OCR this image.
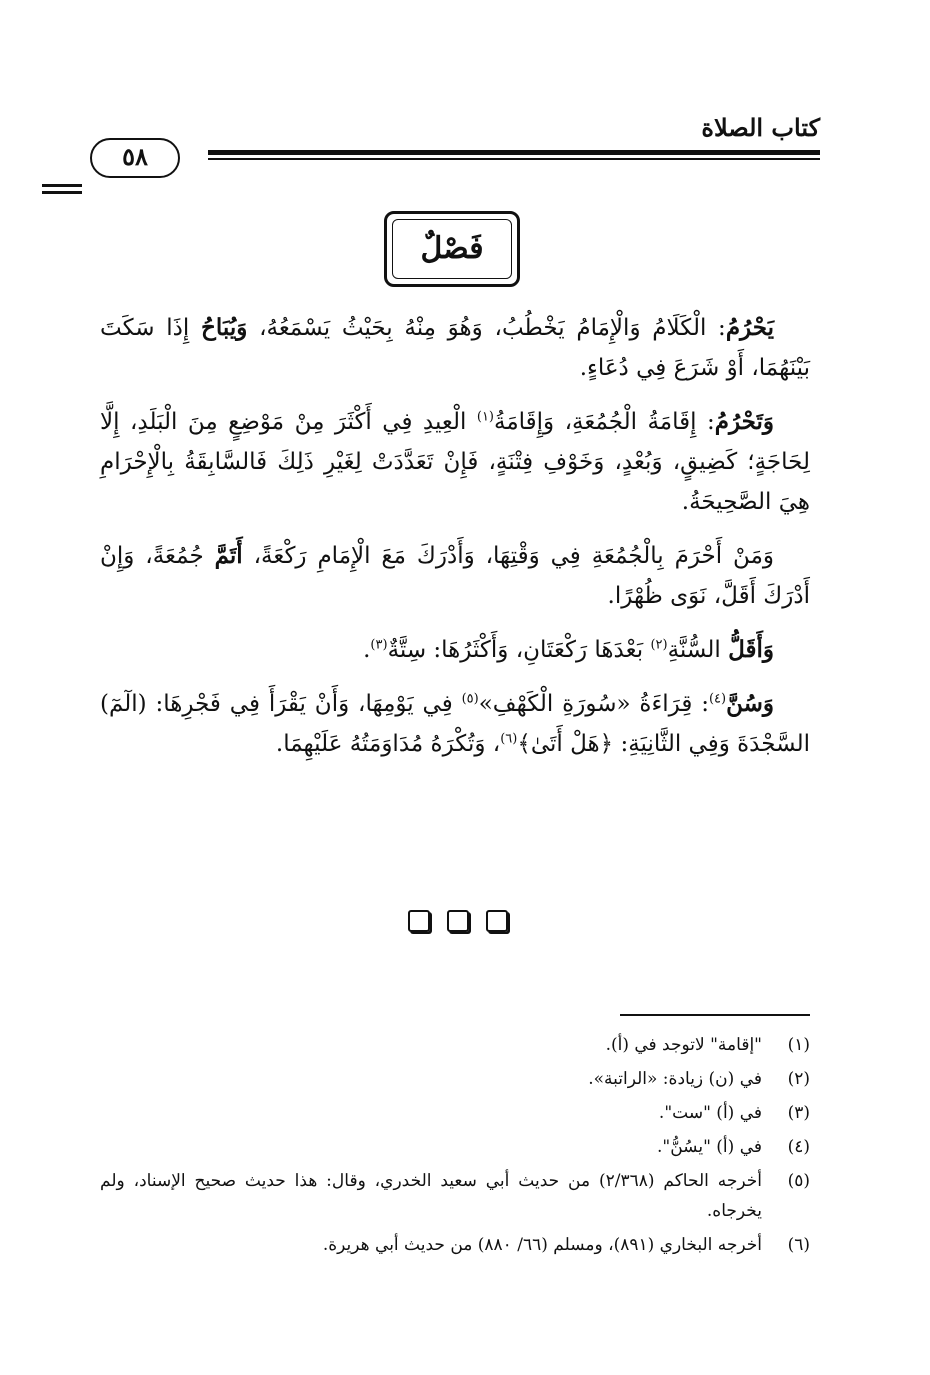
كتاب الصلاة
٥٨
فَصْلٌ

يَحْرُمُ: الْكَلَامُ وَالْإِمَامُ يَخْطُبُ، وَهُوَ مِنْهُ بِحَيْثُ يَسْمَعُهُ، وَيُبَاحُ إِذَا سَكَتَ بَيْنَهُمَا، أَوْ شَرَعَ فِي دُعَاءٍ.

وَتَحْرُمُ: إِقَامَةُ الْجُمُعَةِ، وَإِقَامَةُ$^{(١)}$ الْعِيدِ فِي أَكْثَرَ مِنْ مَوْضِعٍ مِنَ الْبَلَدِ، إِلَّا لِحَاجَةٍ؛ كَضِيقٍ، وَبُعْدٍ، وَخَوْفِ فِتْنَةٍ، فَإِنْ تَعَدَّدَتْ لِغَيْرِ ذَلِكَ فَالسَّابِقَةُ بِالْإِحْرَامِ هِيَ الصَّحِيحَةُ.

وَمَنْ أَحْرَمَ بِالْجُمُعَةِ فِي وَقْتِهَا، وَأَدْرَكَ مَعَ الْإِمَامِ رَكْعَةً، أَتَمَّ جُمُعَةً، وَإِنْ أَدْرَكَ أَقَلَّ، نَوَى ظُهْرًا.

وَأَقَلُّ السُّنَّةِ$^{(٢)}$ بَعْدَهَا رَكْعَتَانِ، وَأَكْثَرُهَا: سِتَّةٌ$^{(٣)}$.

وَسُنَّ$^{(٤)}$: قِرَاءَةُ «سُورَةِ الْكَهْفِ»$^{(٥)}$ فِي يَوْمِهَا، وَأَنْ يَقْرَأَ فِي فَجْرِهَا: (الٓمٓ) السَّجْدَةَ وَفِي الثَّانِيَةِ: ﴿هَلْ أَتَىٰ﴾$^{(٦)}$، وَتُكْرَهُ مُدَاوَمَتُهُ عَلَيْهِمَا.

(١)
"إقامة" لاتوجد في (أ).
(٢)
في (ن) زيادة: «الراتبة».
(٣)
في (أ) "ست".
(٤)
في (أ) "يسُنُّ".
(٥)
أخرجه الحاكم (٢/٣٦٨) من حديث أبي سعيد الخدري، وقال: هذا حديث صحيح الإسناد، ولم يخرجاه.
(٦)
أخرجه البخاري (٨٩١)، ومسلم (٦٦/ ٨٨٠) من حديث أبي هريرة.
